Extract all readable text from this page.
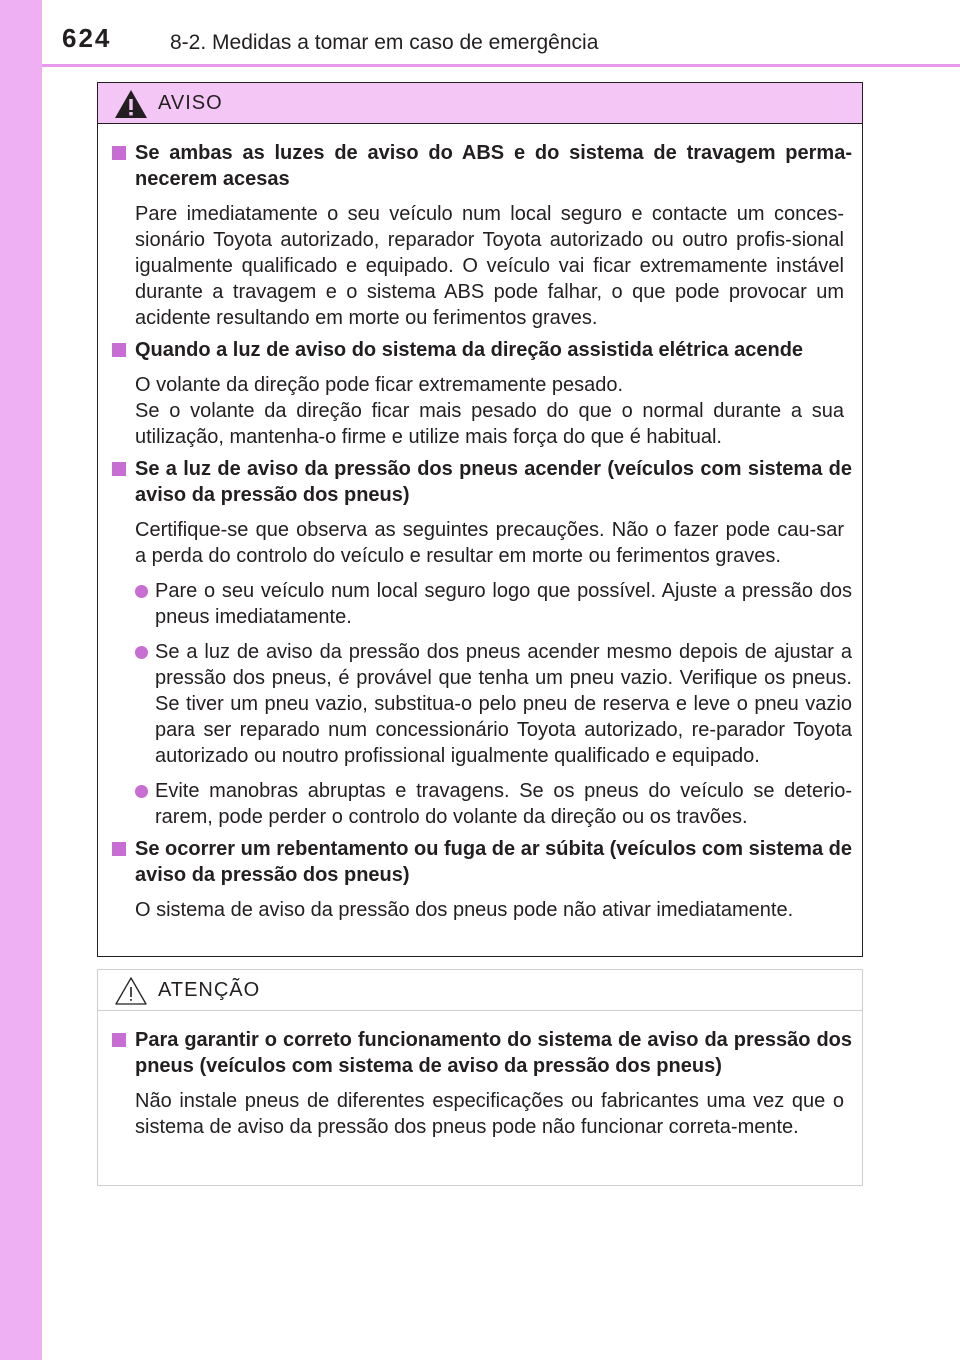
624	8-2. Medidas a tomar em caso de emergência
AVISO
Se ambas as luzes de aviso do ABS e do sistema de travagem perma-necerem acesas
Pare imediatamente o seu veículo num local seguro e contacte um conces-sionário Toyota autorizado, reparador Toyota autorizado ou outro profis-sional igualmente qualificado e equipado. O veículo vai ficar extremamente instável durante a travagem e o sistema ABS pode falhar, o que pode provocar um acidente resultando em morte ou ferimentos graves.
Quando a luz de aviso do sistema da direção assistida elétrica acende
O volante da direção pode ficar extremamente pesado.
Se o volante da direção ficar mais pesado do que o normal durante a sua utilização, mantenha-o firme e utilize mais força do que é habitual.
Se a luz de aviso da pressão dos pneus acender (veículos com sistema de aviso da pressão dos pneus)
Certifique-se que observa as seguintes precauções. Não o fazer pode cau-sar a perda do controlo do veículo e resultar em morte ou ferimentos graves.
Pare o seu veículo num local seguro logo que possível. Ajuste a pressão dos pneus imediatamente.
Se a luz de aviso da pressão dos pneus acender mesmo depois de ajustar a pressão dos pneus, é provável que tenha um pneu vazio. Verifique os pneus. Se tiver um pneu vazio, substitua-o pelo pneu de reserva e leve o pneu vazio para ser reparado num concessionário Toyota autorizado, re-parador Toyota autorizado ou noutro profissional igualmente qualificado e equipado.
Evite manobras abruptas e travagens. Se os pneus do veículo se deterio-rarem, pode perder o controlo do volante da direção ou os travões.
Se ocorrer um rebentamento ou fuga de ar súbita (veículos com sistema de aviso da pressão dos pneus)
O sistema de aviso da pressão dos pneus pode não ativar imediatamente.
ATENÇÃO
Para garantir o correto funcionamento do sistema de aviso da pressão dos pneus (veículos com sistema de aviso da pressão dos pneus)
Não instale pneus de diferentes especificações ou fabricantes uma vez que o sistema de aviso da pressão dos pneus pode não funcionar correta-mente.
